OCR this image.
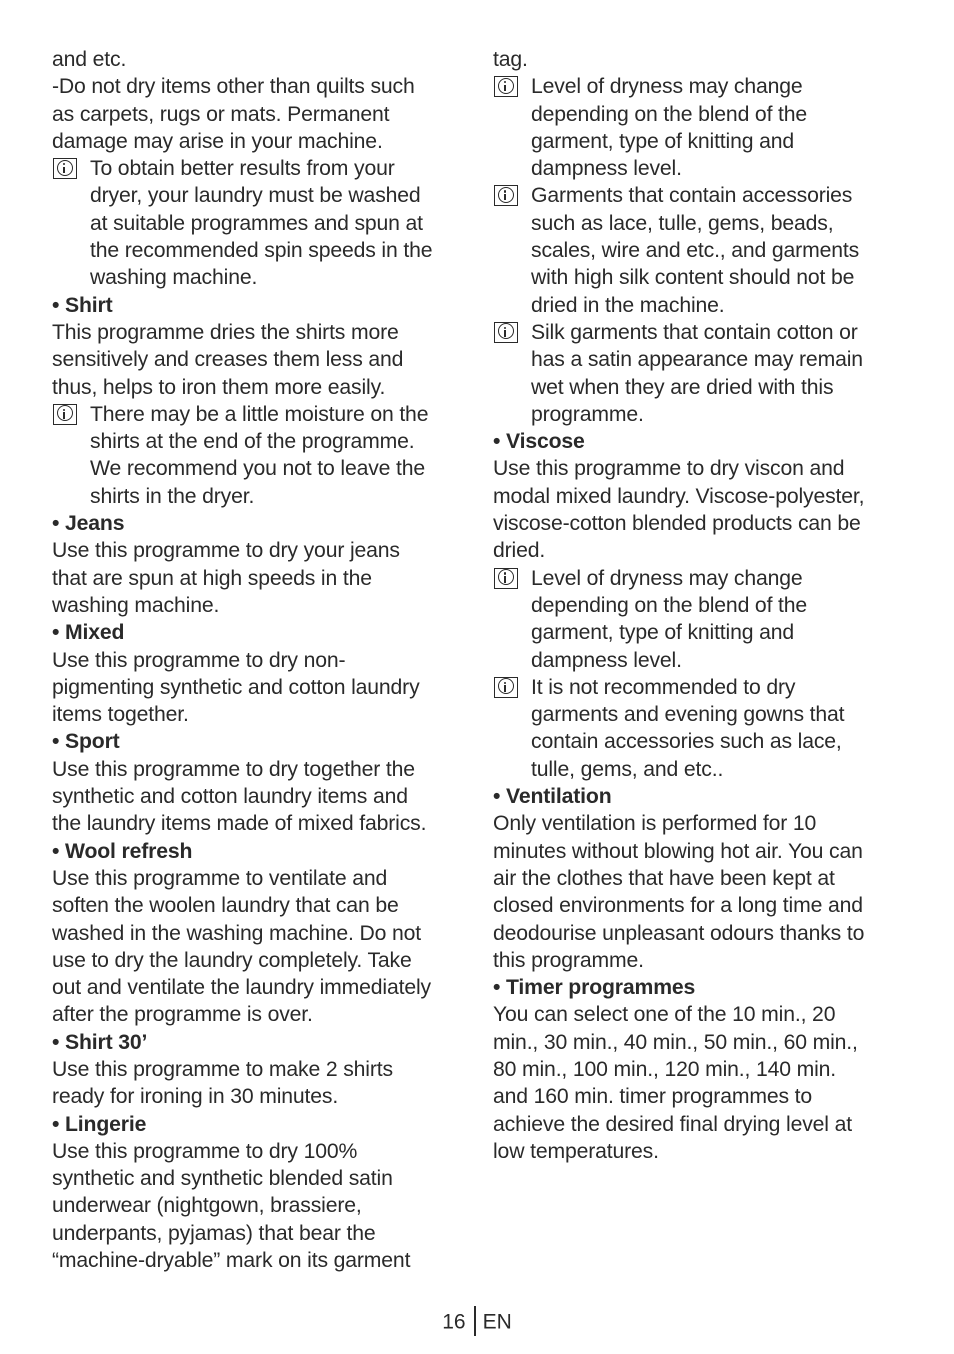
and etc.
-Do not dry items other than quilts such
as carpets, rugs or mats. Permanent
damage may arise in your machine.
To obtain better results from your
dryer, your laundry must be washed
at suitable programmes and spun at
the recommended spin speeds in the
washing machine.
• Shirt
This programme dries the shirts more
sensitively and creases them less and
thus, helps to iron them more easily.
There may be a little moisture on the
shirts at the end of the programme.
We recommend you not to leave the
shirts in the dryer.
• Jeans
Use this programme to dry your jeans
that are spun at high speeds in the
washing machine.
• Mixed
Use this programme to dry non-
pigmenting synthetic and cotton laundry
items together.
• Sport
Use this programme to dry together the
synthetic and cotton laundry items and
the laundry items made of mixed fabrics.
• Wool refresh
Use this programme to ventilate and
soften the woolen laundry that can be
washed in the washing machine. Do not
use to dry the laundry completely. Take
out and ventilate the laundry immediately
after the programme is over.
• Shirt 30’
Use this programme to make 2 shirts
ready for ironing in 30 minutes.
• Lingerie
Use this programme to dry 100%
synthetic and synthetic blended satin
underwear (nightgown, brassiere,
underpants, pyjamas) that bear the
“machine-dryable” mark on its garment
tag.
Level of dryness may change
depending on the blend of the
garment, type of knitting and
dampness level.
Garments that contain accessories
such as lace, tulle, gems, beads,
scales, wire and etc., and garments
with high silk content should not be
dried in the machine.
Silk garments that contain cotton or
has a satin appearance may remain
wet when they are dried with this
programme.
• Viscose
Use this programme to dry viscon and
modal mixed laundry. Viscose-polyester,
viscose-cotton blended products can be
dried.
Level of dryness may change
depending on the blend of the
garment, type of knitting and
dampness level.
It is not recommended to dry
garments and evening gowns that
contain accessories such as lace,
tulle, gems, and etc..
• Ventilation
Only ventilation is performed for 10
minutes without blowing hot air. You can
air the clothes that have been kept at
closed environments for a long time and
deodourise unpleasant odours thanks to
this programme.
• Timer programmes
You can select one of the 10 min., 20
min., 30 min., 40 min., 50 min., 60 min.,
80 min., 100 min., 120 min., 140 min.
and 160 min. timer programmes to
achieve the desired final drying level at
low temperatures.
16 EN
